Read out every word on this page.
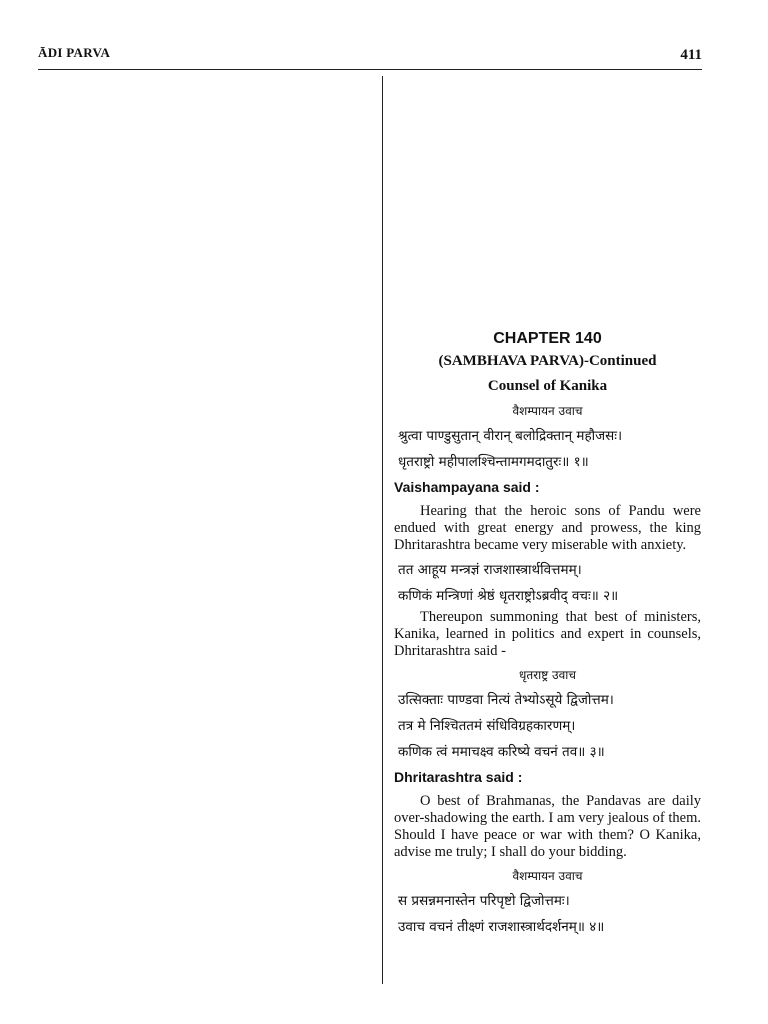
ĀDI PARVA	411
CHAPTER 140
(SAMBHAVA PARVA)-Continued
Counsel of Kanika
वैशम्पायन उवाच
श्रुत्वा पाण्डुसुतान् वीरान् बलोद्रिक्तान् महौजसः।
धृतराष्ट्रो महीपालश्चिन्तामगमदातुरः॥ १॥
Vaishampayana said :

Hearing that the heroic sons of Pandu were endued with great energy and prowess, the king Dhritarashtra became very miserable with anxiety.

तत आहूय मन्त्रज्ञं राजशास्त्रार्थवित्तमम्।
कणिकं मन्त्रिणां श्रेष्ठं धृतराष्ट्रोऽब्रवीद् वचः॥ २॥

Thereupon summoning that best of ministers, Kanika, learned in politics and expert in counsels, Dhritarashtra said -

धृतराष्ट्र उवाच
उत्सिक्ताः पाण्डवा नित्यं तेभ्योऽसूये द्विजोत्तम।
तत्र मे निश्चिततमं संधिविग्रहकारणम्।
कणिक त्वं ममाचक्ष्व करिष्ये वचनं तव॥ ३॥
Dhritarashtra said :

O best of Brahmanas, the Pandavas are daily over-shadowing the earth. I am very jealous of them. Should I have peace or war with them? O Kanika, advise me truly; I shall do your bidding.

वैशम्पायन उवाच
स प्रसन्नमनास्तेन परिपृष्टो द्विजोत्तमः।
उवाच वचनं तीक्ष्णं राजशास्त्रार्थदर्शनम्॥ ४॥
